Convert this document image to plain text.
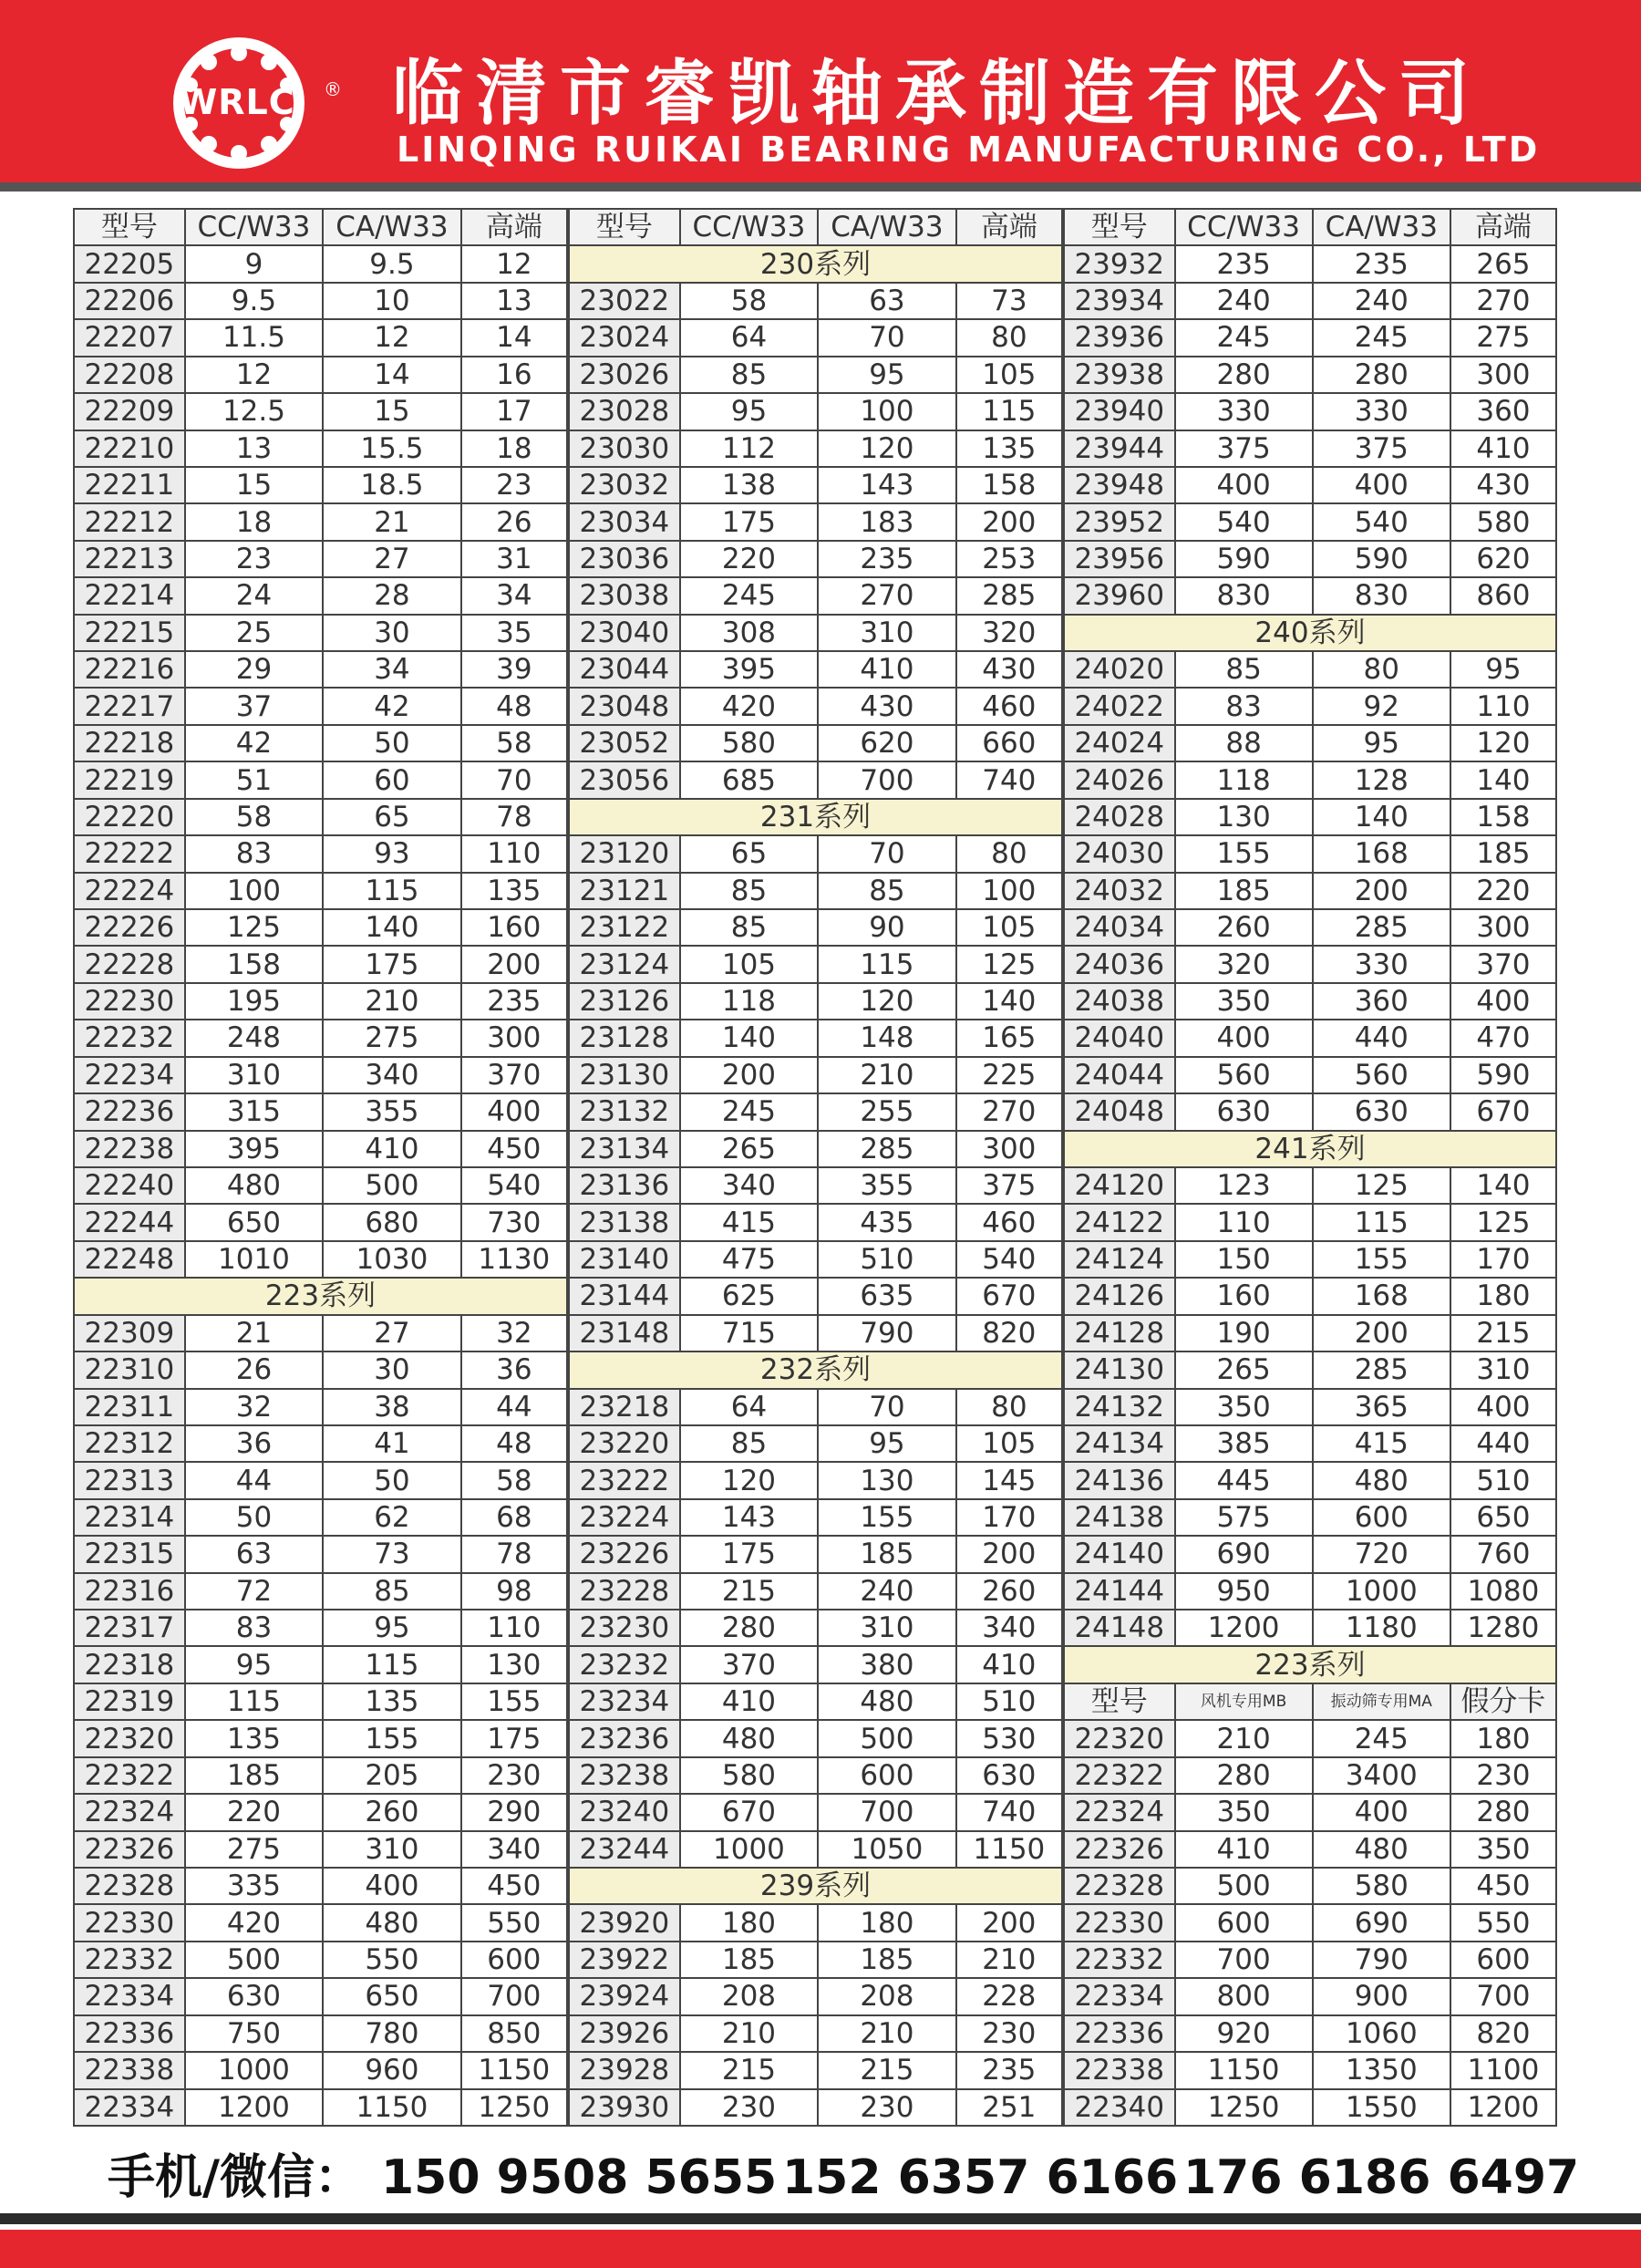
WRLC	® 临清市睿凯轴承制造有限公司
LINQING RUIKAI BEARING MANUFACTURING CO., LTD
型号	CC/W33	CA/W33	高端
22205	9	9.5	12
22206	9.5	10	13
22207	11.5	12	14
22208	12	14	16
22209	12.5	15	17
22210	13	15.5	18
22211	15	18.5	23
22212	18	21	26
22213	23	27	31
22214	24	28	34
22215	25	30	35
22216	29	34	39
22217	37	42	48
22218	42	50	58
22219	51	60	70
22220	58	65	78
22222	83	93	110
22224	100	115	135
22226	125	140	160
22228	158	175	200
22230	195	210	235
22232	248	275	300
22234	310	340	370
22236	315	355	400
22238	395	410	450
22240	480	500	540
22244	650	680	730
22248	1010	1030	1130
223系列			
22309	21	27	32
22310	26	30	36
22311	32	38	44
22312	36	41	48
22313	44	50	58
22314	50	62	68
22315	63	73	78
22316	72	85	98
22317	83	95	110
22318	95	115	130
22319	115	135	155
22320	135	155	175
22322	185	205	230
22324	220	260	290
22326	275	310	340
22328	335	400	450
22330	420	480	550
22332	500	550	600
22334	630	650	700
22336	750	780	850
22338	1000	960	1150
22334	1200	1150	1250
型号	CC/W33	CA/W33	高端
230系列			
23022	58	63	73
23024	64	70	80
23026	85	95	105
23028	95	100	115
23030	112	120	135
23032	138	143	158
23034	175	183	200
23036	220	235	253
23038	245	270	285
23040	308	310	320
23044	395	410	430
23048	420	430	460
23052	580	620	660
23056	685	700	740
231系列			
23120	65	70	80
23121	85	85	100
23122	85	90	105
23124	105	115	125
23126	118	120	140
23128	140	148	165
23130	200	210	225
23132	245	255	270
23134	265	285	300
23136	340	355	375
23138	415	435	460
23140	475	510	540
23144	625	635	670
23148	715	790	820
232系列			
23218	64	70	80
23220	85	95	105
23222	120	130	145
23224	143	155	170
23226	175	185	200
23228	215	240	260
23230	280	310	340
23232	370	380	410
23234	410	480	510
23236	480	500	530
23238	580	600	630
23240	670	700	740
23244	1000	1050	1150
239系列			
23920	180	180	200
23922	185	185	210
23924	208	208	228
23926	210	210	230
23928	215	215	235
23930	230	230	251
型号	CC/W33	CA/W33	高端
23932	235	235	265
23934	240	240	270
23936	245	245	275
23938	280	280	300
23940	330	330	360
23944	375	375	410
23948	400	400	430
23952	540	540	580
23956	590	590	620
23960	830	830	860
240系列			
24020	85	80	95
24022	83	92	110
24024	88	95	120
24026	118	128	140
24028	130	140	158
24030	155	168	185
24032	185	200	220
24034	260	285	300
24036	320	330	370
24038	350	360	400
24040	400	440	470
24044	560	560	590
24048	630	630	670
241系列			
24120	123	125	140
24122	110	115	125
24124	150	155	170
24126	160	168	180
24128	190	200	215
24130	265	285	310
24132	350	365	400
24134	385	415	440
24136	445	480	510
24138	575	600	650
24140	690	720	760
24144	950	1000	1080
24148	1200	1180	1280
223系列			
型号	风机专用MB	振动筛专用MA	假分卡
22320	210	245	180
22322	280	3400	230
22324	350	400	280
22326	410	480	350
22328	500	580	450
22330	600	690	550
22332	700	790	600
22334	800	900	700
22336	920	1060	820
22338	1150	1350	1100
22340	1250	1550	1200
手机/微信： 150 9508 5655 152 6357 6166 176 6186 6497
